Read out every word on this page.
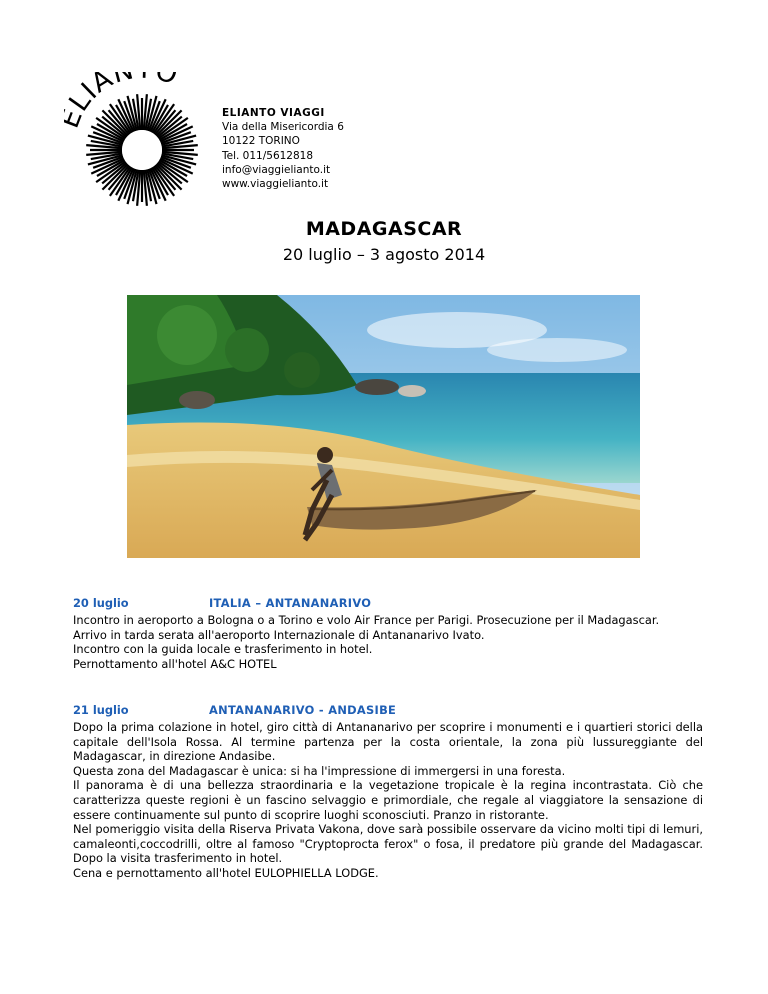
LIA O
ELIANTO VIAGGI
Via della Misericordia 6
10122 TORINO
Tel. 011/5612818
info@viaggielianto.it
www.viaggielianto.it
MADAGASCAR
20 luglio – 3 agosto 2014
20 luglio	ITALIA – ANTANANARIVO

Incontro in aeroporto a Bologna o a Torino e volo Air France per Parigi. Prosecuzione per il Madagascar.

Arrivo in tarda serata all'aeroporto Internazionale di Antananarivo Ivato.

Incontro con la guida locale e trasferimento in hotel.

Pernottamento all'hotel A&C HOTEL

21 luglio	ANTANANARIVO - ANDASIBE

Dopo la prima colazione in hotel, giro città di Antananarivo per scoprire i monumenti e i quartieri storici della capitale dell'Isola Rossa. Al termine partenza per la costa orientale, la zona più lussureggiante del Madagascar, in direzione Andasibe.

Questa zona del Madagascar è unica: si ha l'impressione di immergersi in una foresta.

Il panorama è di una bellezza straordinaria e la vegetazione tropicale è la regina incontrastata. Ciò che caratterizza queste regioni è un fascino selvaggio e primordiale, che regale al viaggiatore la sensazione di essere continuamente sul punto di scoprire luoghi sconosciuti. Pranzo in ristorante.

Nel pomeriggio visita della Riserva Privata Vakona, dove sarà possibile osservare da vicino molti tipi di lemuri, camaleonti,coccodrilli, oltre al famoso "Cryptoprocta ferox" o fosa, il predatore più grande del Madagascar. Dopo la visita trasferimento in hotel.

Cena e pernottamento all'hotel EULOPHIELLA LODGE.
